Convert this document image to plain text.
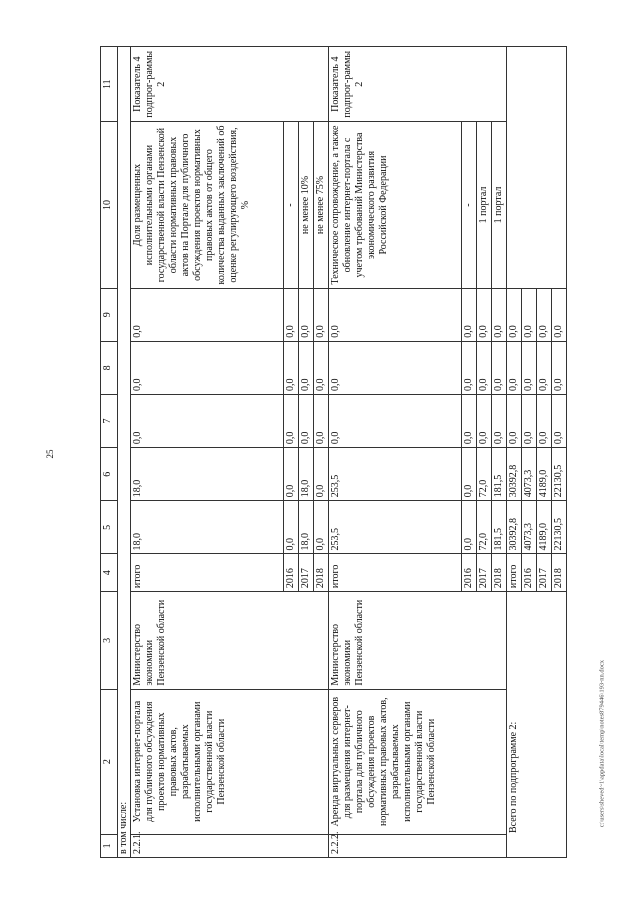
25
c:\users\sheved~1\appdata\local\temp\notes879446\193-nn.docx
1	2	3	4	5	6	7	8	9	10	11
в том числе:										
2.2.1.	Установка интернет-портала для публичного обсуждения проектов нормативных правовых актов, разрабатываемых исполнительными органами государственной власти Пензенской области	Министерство экономики Пензенской области	итого	18,0	18,0	0,0	0,0	0,0	Доля размещенных исполнительными органами государственной власти Пензенской области нормативных правовых актов на Портале для публичного обсуждения проектов нормативных правовых актов от общего количества выданных заключений об оценке регулирующего воздействия, %	Показатель 4 подпрог-раммы 2
			2016	0,0	0,0	0,0	0,0	0,0	-	
			2017	18,0	18,0	0,0	0,0	0,0	не менее 10%	
			2018	0,0	0,0	0,0	0,0	0,0	не менее 75%	
2.2.2.	Аренда виртуальных серверов для размещения интернет-портала для публичного обсуждения проектов нормативных правовых актов, разрабатываемых исполнительными органами государственной власти Пензенской области	Министерство экономики Пензенской области	итого	253,5	253,5	0,0	0,0	0,0	Техническое сопровождение, а также обновление интернет-портала с учетом требований Министерства экономического развития Российской Федерации	Показатель 4 подпрог-раммы 2
			2016	0,0	0,0	0,0	0,0	0,0	-	
			2017	72,0	72,0	0,0	0,0	0,0	1 портал	
			2018	181,5	181,5	0,0	0,0	0,0	1 портал	
Всего по подпрограмме 2:			итого	30392,8	30392,8	0,0	0,0	0,0		
			2016	4073,3	4073,3	0,0	0,0	0,0		
			2017	4189,0	4189,0	0,0	0,0	0,0		
			2018	22130,5	22130,5	0,0	0,0	0,0		
